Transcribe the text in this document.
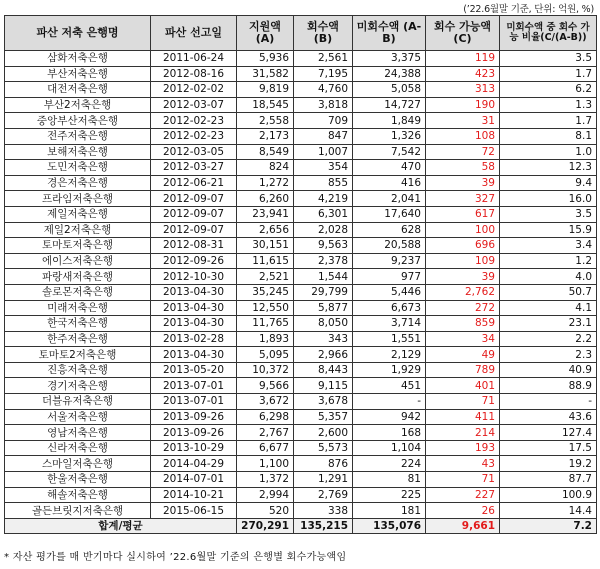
(’22.6월말 기준, 단위: 억원, %)
파산 저축 은행명	파산 선고일	지원액 (A)	회수액 (B)	미회수액 (A-B)	회수 가능액 (C)	미회수액 중 회수 가능 비율(C/(A-B))
삼화저축은행	2011-06-24	5,936	2,561	3,375	119	3.5
부산저축은행	2012-08-16	31,582	7,195	24,388	423	1.7
대전저축은행	2012-02-02	9,819	4,760	5,058	313	6.2
부산2저축은행	2012-03-07	18,545	3,818	14,727	190	1.3
중앙부산저축은행	2012-02-23	2,558	709	1,849	31	1.7
전주저축은행	2012-02-23	2,173	847	1,326	108	8.1
보해저축은행	2012-03-05	8,549	1,007	7,542	72	1.0
도민저축은행	2012-03-27	824	354	470	58	12.3
경은저축은행	2012-06-21	1,272	855	416	39	9.4
프라임저축은행	2012-09-07	6,260	4,219	2,041	327	16.0
제일저축은행	2012-09-07	23,941	6,301	17,640	617	3.5
제일2저축은행	2012-09-07	2,656	2,028	628	100	15.9
토마토저축은행	2012-08-31	30,151	9,563	20,588	696	3.4
에이스저축은행	2012-09-26	11,615	2,378	9,237	109	1.2
파랑새저축은행	2012-10-30	2,521	1,544	977	39	4.0
솔로몬저축은행	2013-04-30	35,245	29,799	5,446	2,762	50.7
미래저축은행	2013-04-30	12,550	5,877	6,673	272	4.1
한국저축은행	2013-04-30	11,765	8,050	3,714	859	23.1
한주저축은행	2013-02-28	1,893	343	1,551	34	2.2
토마토2저축은행	2013-04-30	5,095	2,966	2,129	49	2.3
진흥저축은행	2013-05-20	10,372	8,443	1,929	789	40.9
경기저축은행	2013-07-01	9,566	9,115	451	401	88.9
더블유저축은행	2013-07-01	3,672	3,678	-	71	-
서울저축은행	2013-09-26	6,298	5,357	942	411	43.6
영남저축은행	2013-09-26	2,767	2,600	168	214	127.4
신라저축은행	2013-10-29	6,677	5,573	1,104	193	17.5
스마일저축은행	2014-04-29	1,100	876	224	43	19.2
한울저축은행	2014-07-01	1,372	1,291	81	71	87.7
해솔저축은행	2014-10-21	2,994	2,769	225	227	100.9
골든브릿지저축은행	2015-06-15	520	338	181	26	14.4
합계/평균		270,291	135,215	135,076	9,661	7.2
* 자산 평가를 매 반기마다 실시하여 ’22.6월말 기준의 은행별 회수가능액임
